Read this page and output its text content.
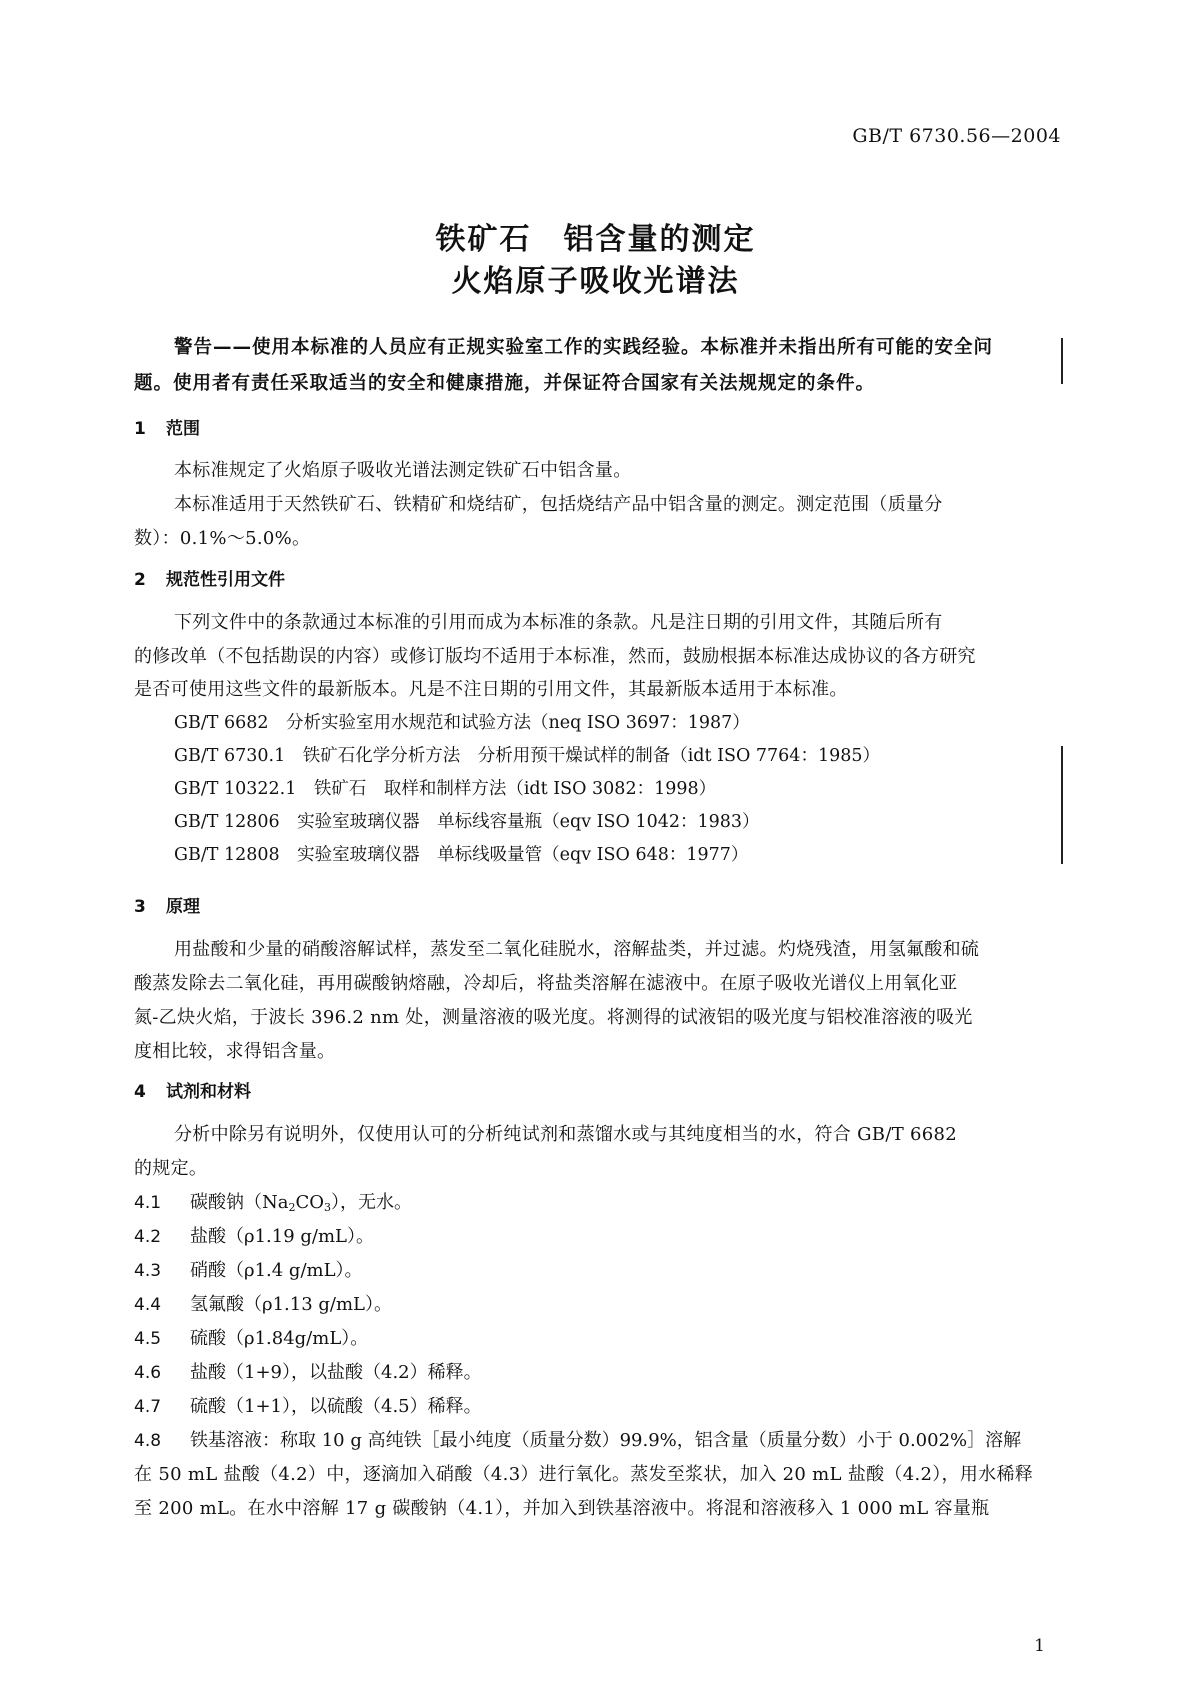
GB/T 6730.56—2004
铁矿石　铝含量的测定
火焰原子吸收光谱法
警告——使用本标准的人员应有正规实验室工作的实践经验。本标准并未指出所有可能的安全问
题。使用者有责任采取适当的安全和健康措施，并保证符合国家有关法规规定的条件。
1 范围
本标准规定了火焰原子吸收光谱法测定铁矿石中铝含量。
本标准适用于天然铁矿石、铁精矿和烧结矿，包括烧结产品中铝含量的测定。测定范围（质量分
数）：0.1%～5.0%。
2 规范性引用文件
下列文件中的条款通过本标准的引用而成为本标准的条款。凡是注日期的引用文件，其随后所有
的修改单（不包括勘误的内容）或修订版均不适用于本标准，然而，鼓励根据本标准达成协议的各方研究
是否可使用这些文件的最新版本。凡是不注日期的引用文件，其最新版本适用于本标准。
GB/T 6682　分析实验室用水规范和试验方法（neq ISO 3697：1987）
GB/T 6730.1　铁矿石化学分析方法　分析用预干燥试样的制备（idt ISO 7764：1985）
GB/T 10322.1　铁矿石　取样和制样方法（idt ISO 3082：1998）
GB/T 12806　实验室玻璃仪器　单标线容量瓶（eqv ISO 1042：1983）
GB/T 12808　实验室玻璃仪器　单标线吸量管（eqv ISO 648：1977）
3 原理
用盐酸和少量的硝酸溶解试样，蒸发至二氧化硅脱水，溶解盐类，并过滤。灼烧残渣，用氢氟酸和硫
酸蒸发除去二氧化硅，再用碳酸钠熔融，冷却后，将盐类溶解在滤液中。在原子吸收光谱仪上用氧化亚
氮-乙炔火焰，于波长 396.2 nm 处，测量溶液的吸光度。将测得的试液铝的吸光度与铝校准溶液的吸光
度相比较，求得铝含量。
4 试剂和材料
分析中除另有说明外，仅使用认可的分析纯试剂和蒸馏水或与其纯度相当的水，符合 GB/T 6682
的规定。
4.1 碳酸钠$(Na_2CO_3)$，无水。
4.2 盐酸（ρ1.19 g/mL）。
4.3 硝酸（ρ1.4 g/mL）。
4.4 氢氟酸（ρ1.13 g/mL）。
4.5 硫酸（ρ1.84g/mL）。
4.6 盐酸（1+9），以盐酸（4.2）稀释。
4.7 硫酸（1+1），以硫酸（4.5）稀释。
4.8 铁基溶液：称取 10 g 高纯铁［最小纯度（质量分数）99.9%，铝含量（质量分数）小于 0.002%］溶解
在 50 mL 盐酸（4.2）中，逐滴加入硝酸（4.3）进行氧化。蒸发至浆状，加入 20 mL 盐酸（4.2），用水稀释
至 200 mL。在水中溶解 17 g 碳酸钠（4.1），并加入到铁基溶液中。将混和溶液移入 1 000 mL 容量瓶
1
